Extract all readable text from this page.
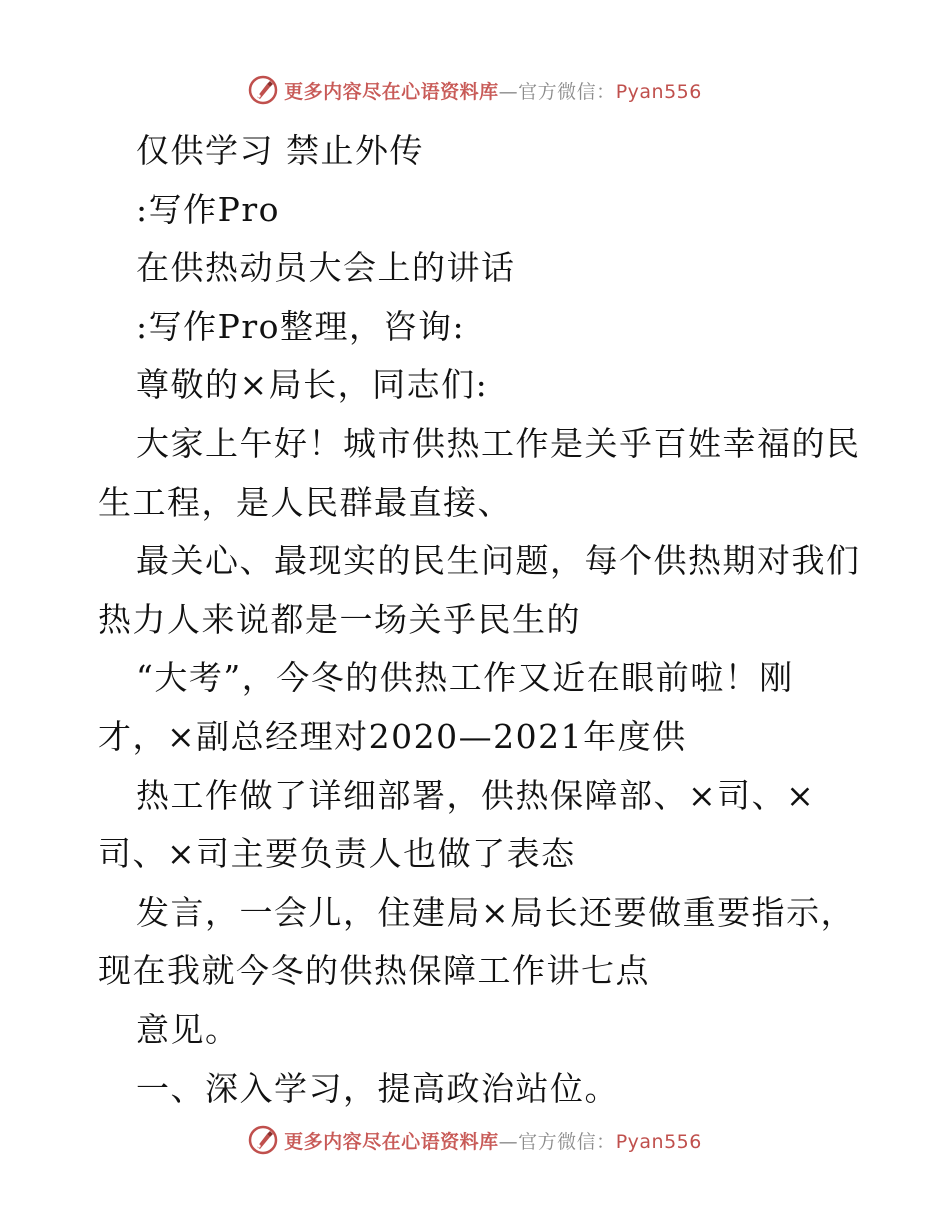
更多内容尽在心语资料库—官方微信：Pyan556
仅供学习 禁止外传
:写作Pro
在供热动员大会上的讲话
:写作Pro整理，咨询:
尊敬的×局长，同志们:
大家上午好！城市供热工作是关乎百姓幸福的民
生工程，是人民群最直接、
最关心、最现实的民生问题，每个供热期对我们
热力人来说都是一场关乎民生的
“大考”，今冬的供热工作又近在眼前啦！刚
才，×副总经理对2020—2021年度供
热工作做了详细部署，供热保障部、×司、×
司、×司主要负责人也做了表态
发言，一会儿，住建局×局长还要做重要指示，
现在我就今冬的供热保障工作讲七点
意见。
一、深入学习，提高政治站位。
更多内容尽在心语资料库—官方微信：Pyan556
